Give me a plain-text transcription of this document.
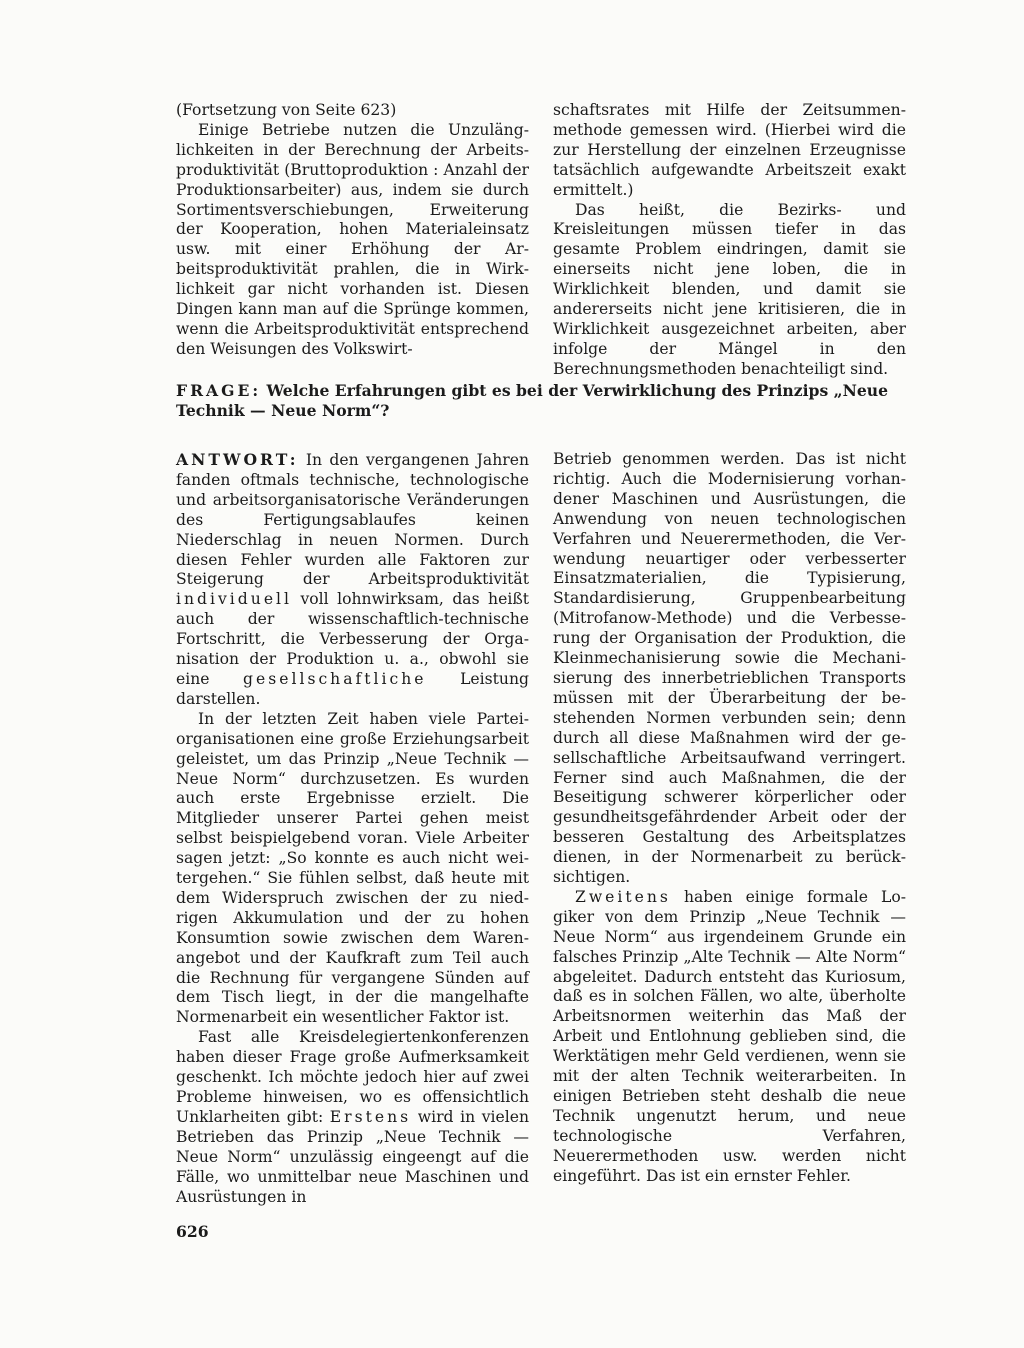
(Fortsetzung von Seite 623)

Einige Betriebe nutzen die Unzulänglichkeiten in der Berechnung der Arbeitsproduktivität (Bruttoproduktion : Anzahl der Produktionsarbeiter) aus, indem sie durch Sortimentsverschiebungen, Erweiterung der Kooperation, hohen Materialeinsatz usw. mit einer Erhöhung der Arbeitsproduktivität prahlen, die in Wirklichkeit gar nicht vorhanden ist. Diesen Dingen kann man auf die Sprünge kommen, wenn die Arbeitsproduktivität entsprechend den Weisungen des Volkswirt-

schaftsrates mit Hilfe der Zeitsummenmethode gemessen wird. (Hierbei wird die zur Herstellung der einzelnen Erzeugnisse tatsächlich aufgewandte Arbeitszeit exakt ermittelt.)

Das heißt, die Bezirks- und Kreisleitungen müssen tiefer in das gesamte Problem eindringen, damit sie einerseits nicht jene loben, die in Wirklichkeit blenden, und damit sie andererseits nicht jene kritisieren, die in Wirklichkeit ausgezeichnet arbeiten, aber infolge der Mängel in den Berechnungsmethoden benachteiligt sind.

FRAGE: Welche Erfahrungen gibt es bei der Verwirklichung des Prinzips „Neue Technik — Neue Norm“?

ANTWORT: In den vergangenen Jahren fanden oftmals technische, technologische und arbeitsorganisatorische Veränderungen des Fertigungsablaufes keinen Niederschlag in neuen Normen. Durch diesen Fehler wurden alle Faktoren zur Steigerung der Arbeitsproduktivität individuell voll lohnwirksam, das heißt auch der wissenschaftlich-technische Fortschritt, die Verbesserung der Organisation der Produktion u. a., obwohl sie eine gesellschaftliche Leistung darstellen.

In der letzten Zeit haben viele Parteiorganisationen eine große Erziehungsarbeit geleistet, um das Prinzip „Neue Technik — Neue Norm“ durchzusetzen. Es wurden auch erste Ergebnisse erzielt. Die Mitglieder unserer Partei gehen meist selbst beispielgebend voran. Viele Arbeiter sagen jetzt: „So konnte es auch nicht weitergehen.“ Sie fühlen selbst, daß heute mit dem Widerspruch zwischen der zu niedrigen Akkumulation und der zu hohen Konsumtion sowie zwischen dem Warenangebot und der Kaufkraft zum Teil auch die Rechnung für vergangene Sünden auf dem Tisch liegt, in der die mangelhafte Normenarbeit ein wesentlicher Faktor ist.

Fast alle Kreisdelegiertenkonferenzen haben dieser Frage große Aufmerksamkeit geschenkt. Ich möchte jedoch hier auf zwei Probleme hinweisen, wo es offensichtlich Unklarheiten gibt: Erstens wird in vielen Betrieben das Prinzip „Neue Technik — Neue Norm“ unzulässig eingeengt auf die Fälle, wo unmittelbar neue Maschinen und Ausrüstungen in

Betrieb genommen werden. Das ist nicht richtig. Auch die Modernisierung vorhandener Maschinen und Ausrüstungen, die Anwendung von neuen technologischen Verfahren und Neuerermethoden, die Verwendung neuartiger oder verbesserter Einsatzmaterialien, die Typisierung, Standardisierung, Gruppenbearbeitung (Mitrofanow-Methode) und die Verbesserung der Organisation der Produktion, die Kleinmechanisierung sowie die Mechanisierung des innerbetrieblichen Transports müssen mit der Überarbeitung der bestehenden Normen verbunden sein; denn durch all diese Maßnahmen wird der gesellschaftliche Arbeitsaufwand verringert. Ferner sind auch Maßnahmen, die der Beseitigung schwerer körperlicher oder gesundheitsgefährdender Arbeit oder der besseren Gestaltung des Arbeitsplatzes dienen, in der Normenarbeit zu berücksichtigen.

Zweitens haben einige formale Logiker von dem Prinzip „Neue Technik — Neue Norm“ aus irgendeinem Grunde ein falsches Prinzip „Alte Technik — Alte Norm“ abgeleitet. Dadurch entsteht das Kuriosum, daß es in solchen Fällen, wo alte, überholte Arbeitsnormen weiterhin das Maß der Arbeit und Entlohnung geblieben sind, die Werktätigen mehr Geld verdienen, wenn sie mit der alten Technik weiterarbeiten. In einigen Betrieben steht deshalb die neue Technik ungenutzt herum, und neue technologische Verfahren, Neuerermethoden usw. werden nicht eingeführt. Das ist ein ernster Fehler.

626
